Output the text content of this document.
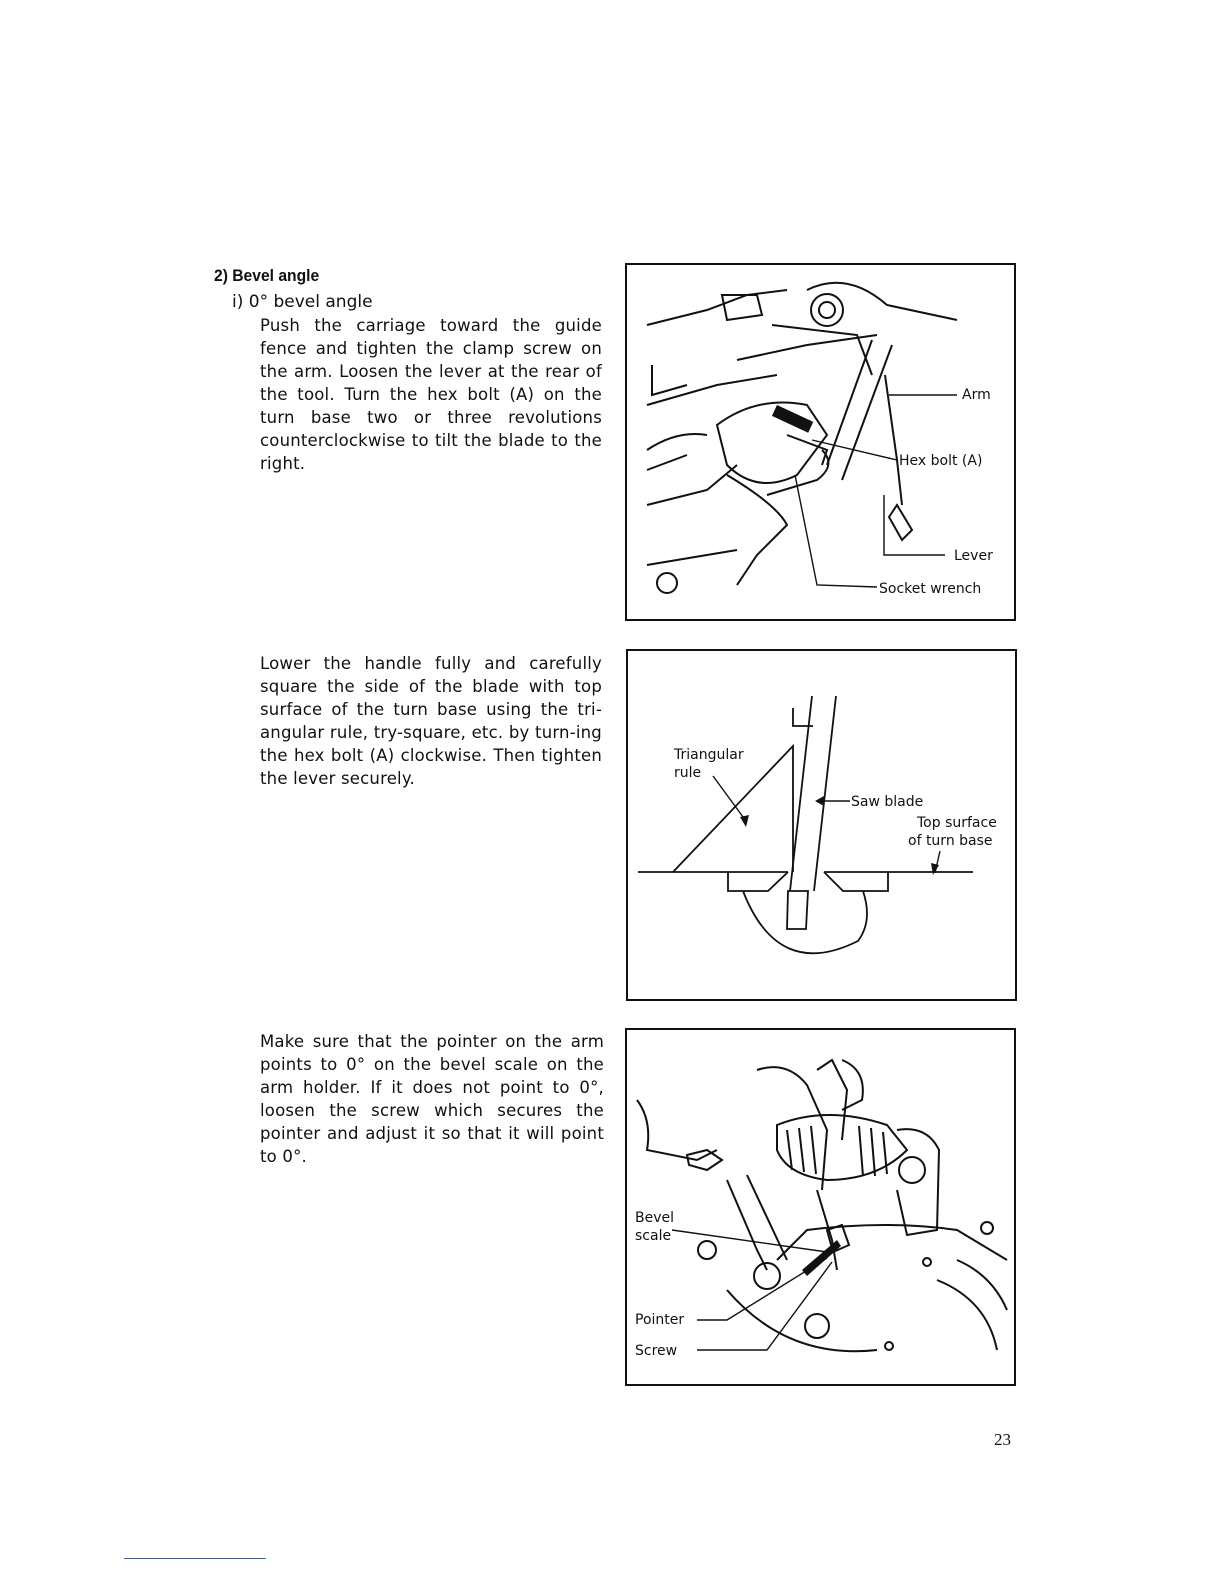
2) Bevel angle
i) 0° bevel angle
Push the carriage toward the guide fence and tighten the clamp screw on the arm. Loosen the lever at the rear of the tool. Turn the hex bolt (A) on the turn base two or three revolutions counterclockwise to tilt the blade to the right.
Lower the handle fully and carefully square the side of the blade with top surface of the turn base using the tri-angular rule, try-square, etc. by turn-ing the hex bolt (A) clockwise. Then tighten the lever securely.
Make sure that the pointer on the arm points to 0° on the bevel scale on the arm holder. If it does not point to 0°, loosen the screw which secures the pointer and adjust it so that it will point to 0°.
Arm
Hex bolt (A)
Lever
Socket wrench
Triangular
rule
Saw blade
Top surface
of turn base
Bevel
scale
Pointer
Screw
23
